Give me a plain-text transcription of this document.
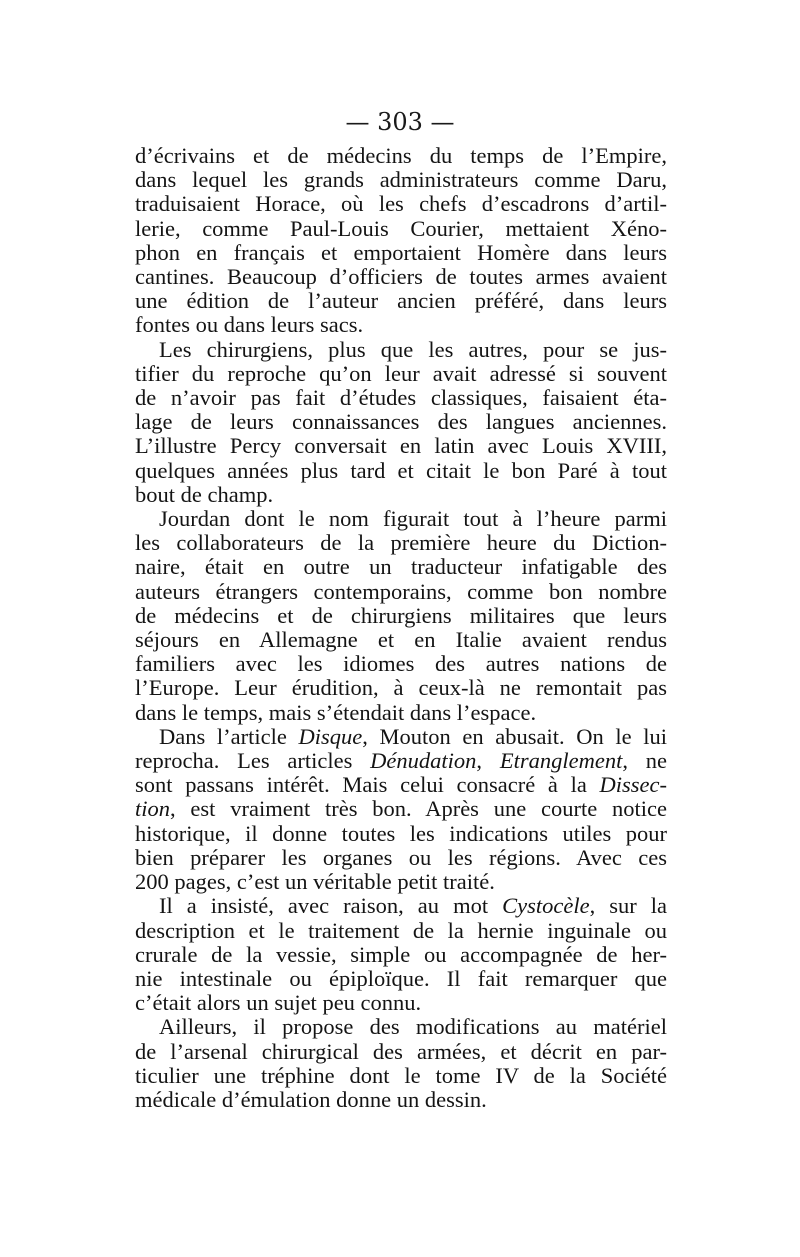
— 303 —
d’écrivains et de médecins du temps de l’Empire,
dans lequel les grands administrateurs comme Daru,
traduisaient Horace, où les chefs d’escadrons d’artil-
lerie, comme Paul-Louis Courier, mettaient Xéno-
phon en français et emportaient Homère dans leurs
cantines. Beaucoup d’officiers de toutes armes avaient
une édition de l’auteur ancien préféré, dans leurs
fontes ou dans leurs sacs.
Les chirurgiens, plus que les autres, pour se jus-
tifier du reproche qu’on leur avait adressé si souvent
de n’avoir pas fait d’études classiques, faisaient éta-
lage de leurs connaissances des langues anciennes.
L’illustre Percy conversait en latin avec Louis XVIII,
quelques années plus tard et citait le bon Paré à tout
bout de champ.
Jourdan dont le nom figurait tout à l’heure parmi
les collaborateurs de la première heure du Diction-
naire, était en outre un traducteur infatigable des
auteurs étrangers contemporains, comme bon nombre
de médecins et de chirurgiens militaires que leurs
séjours en Allemagne et en Italie avaient rendus
familiers avec les idiomes des autres nations de
l’Europe. Leur érudition, à ceux-là ne remontait pas
dans le temps, mais s’étendait dans l’espace.
Dans l’article Disque, Mouton en abusait. On le lui
reprocha. Les articles Dénudation, Etranglement, ne
sont passans intérêt. Mais celui consacré à la Dissec-
tion, est vraiment très bon. Après une courte notice
historique, il donne toutes les indications utiles pour
bien préparer les organes ou les régions. Avec ces
200 pages, c’est un véritable petit traité.
Il a insisté, avec raison, au mot Cystocèle, sur la
description et le traitement de la hernie inguinale ou
crurale de la vessie, simple ou accompagnée de her-
nie intestinale ou épiploïque. Il fait remarquer que
c’était alors un sujet peu connu.
Ailleurs, il propose des modifications au matériel
de l’arsenal chirurgical des armées, et décrit en par-
ticulier une tréphine dont le tome IV de la Société
médicale d’émulation donne un dessin.
